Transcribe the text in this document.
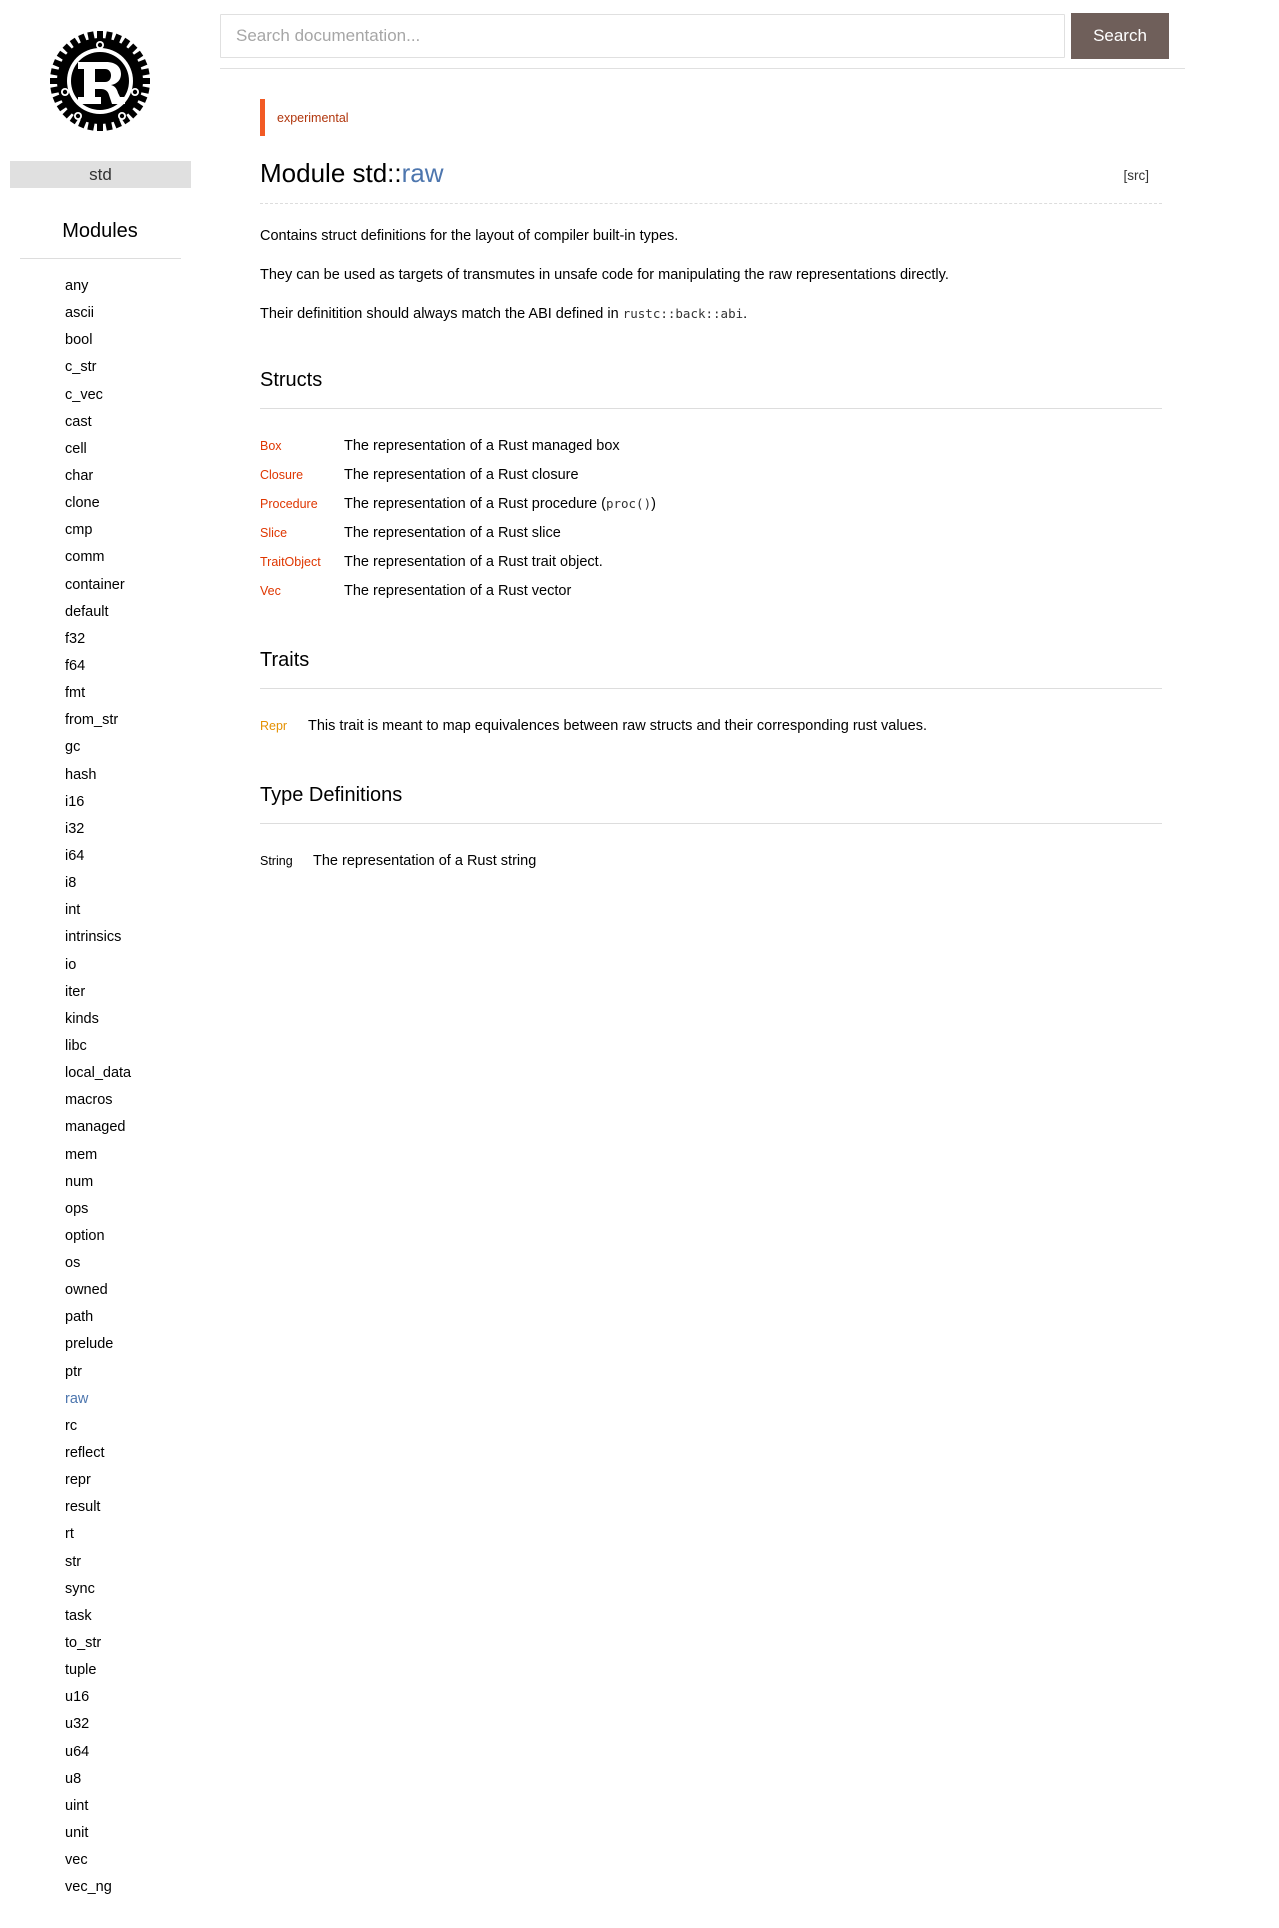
std
Modules
any
ascii
bool
c_str
c_vec
cast
cell
char
clone
cmp
comm
container
default
f32
f64
fmt
from_str
gc
hash
i16
i32
i64
i8
int
intrinsics
io
iter
kinds
libc
local_data
macros
managed
mem
num
ops
option
os
owned
path
prelude
ptr
raw
rc
reflect
repr
result
rt
str
sync
task
to_str
tuple
u16
u32
u64
u8
uint
unit
vec
vec_ng
Search documentation...
Search
experimental
Module std::raw	[src]

Contains struct definitions for the layout of compiler built-in types.

They can be used as targets of transmutes in unsafe code for manipulating the raw representations directly.

Their definitition should always match the ABI defined in rustc::back::abi.

Structs
Box	The representation of a Rust managed box
Closure	The representation of a Rust closure
Procedure The representation of a Rust procedure (proc())
Slice	The representation of a Rust slice
TraitObject The representation of a Rust trait object.
Vec	The representation of a Rust vector
Traits
Repr This trait is meant to map equivalences between raw structs and their corresponding rust values.
Type Definitions
String The representation of a Rust string
